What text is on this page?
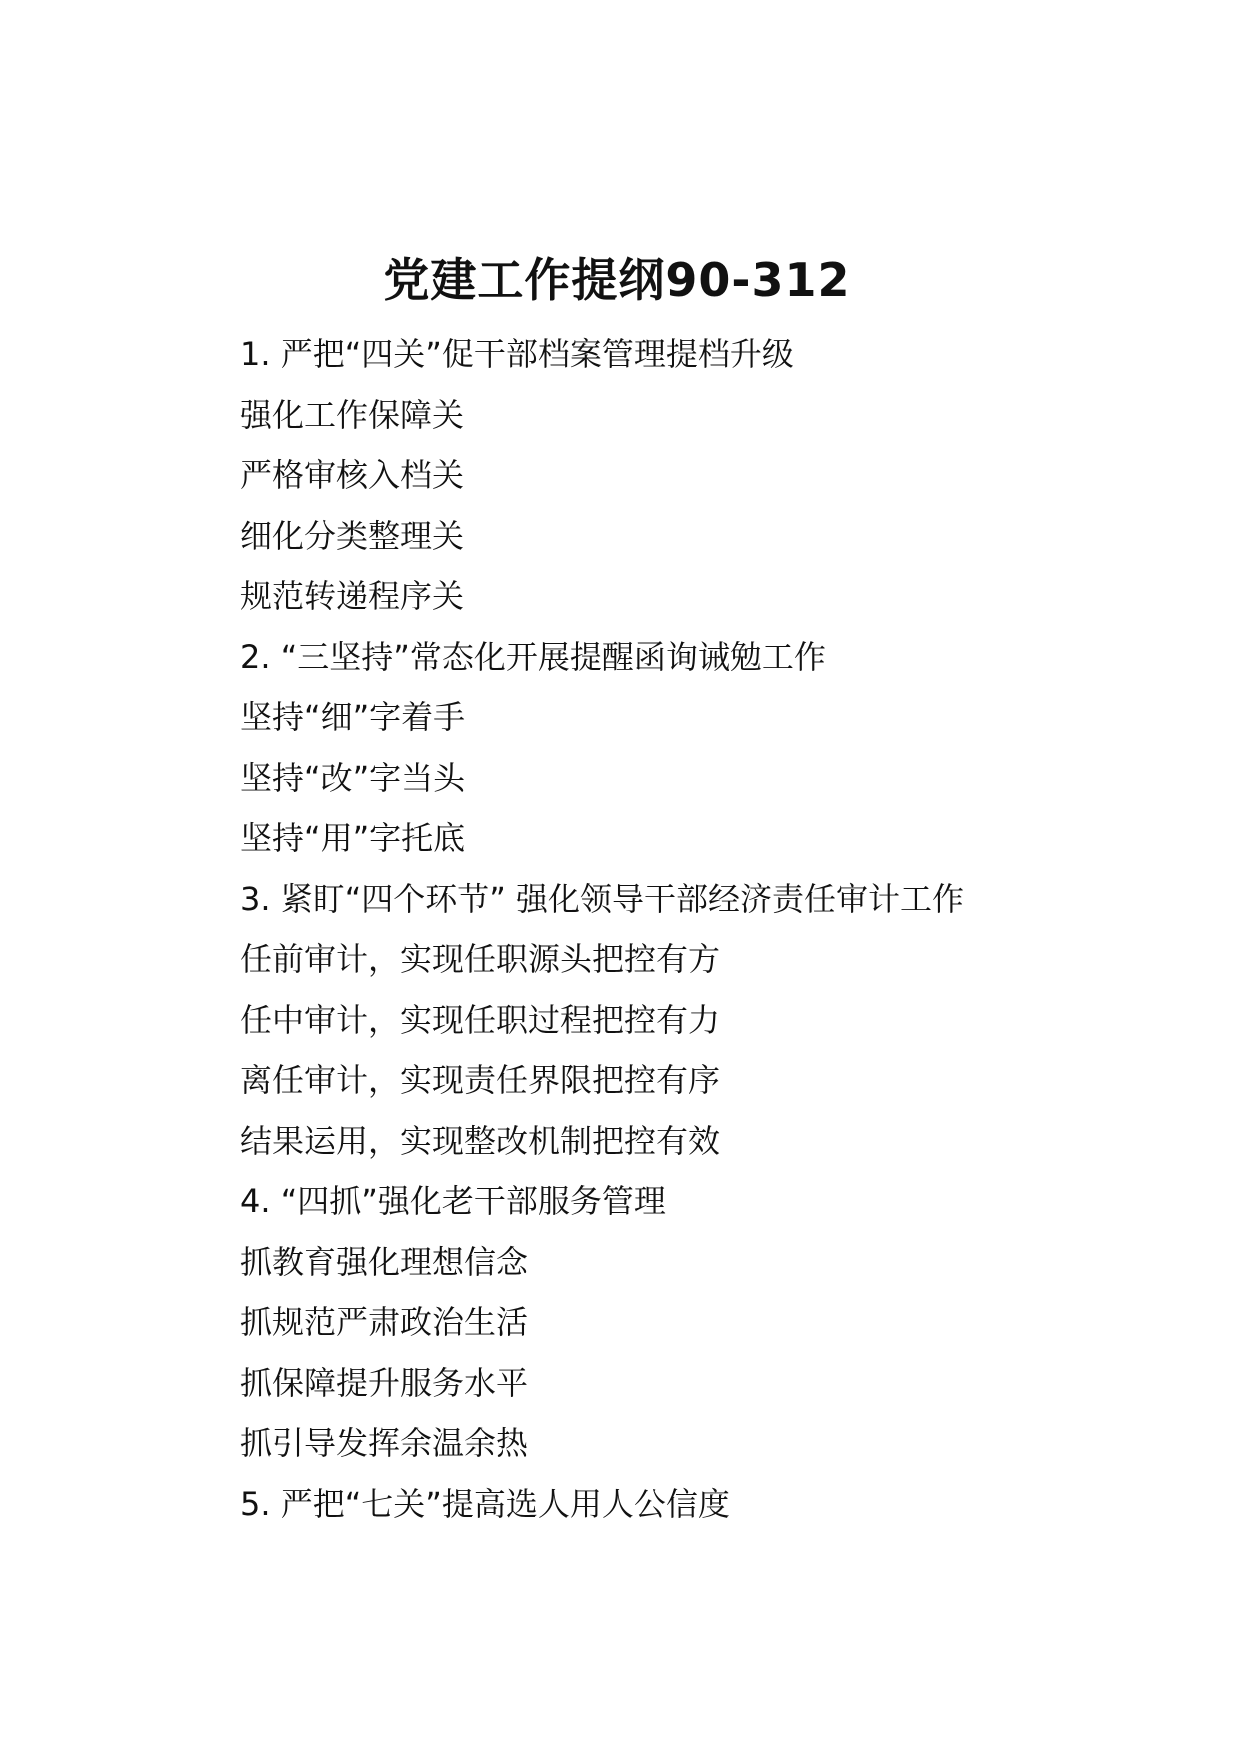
党建工作提纲90-312
1. 严把“四关”促干部档案管理提档升级
强化工作保障关
严格审核入档关
细化分类整理关
规范转递程序关
2. “三坚持”常态化开展提醒函询诫勉工作
坚持“细”字着手
坚持“改”字当头
坚持“用”字托底
3. 紧盯“四个环节” 强化领导干部经济责任审计工作
任前审计，实现任职源头把控有方
任中审计，实现任职过程把控有力
离任审计，实现责任界限把控有序
结果运用，实现整改机制把控有效
4. “四抓”强化老干部服务管理
抓教育强化理想信念
抓规范严肃政治生活
抓保障提升服务水平
抓引导发挥余温余热
5. 严把“七关”提高选人用人公信度
